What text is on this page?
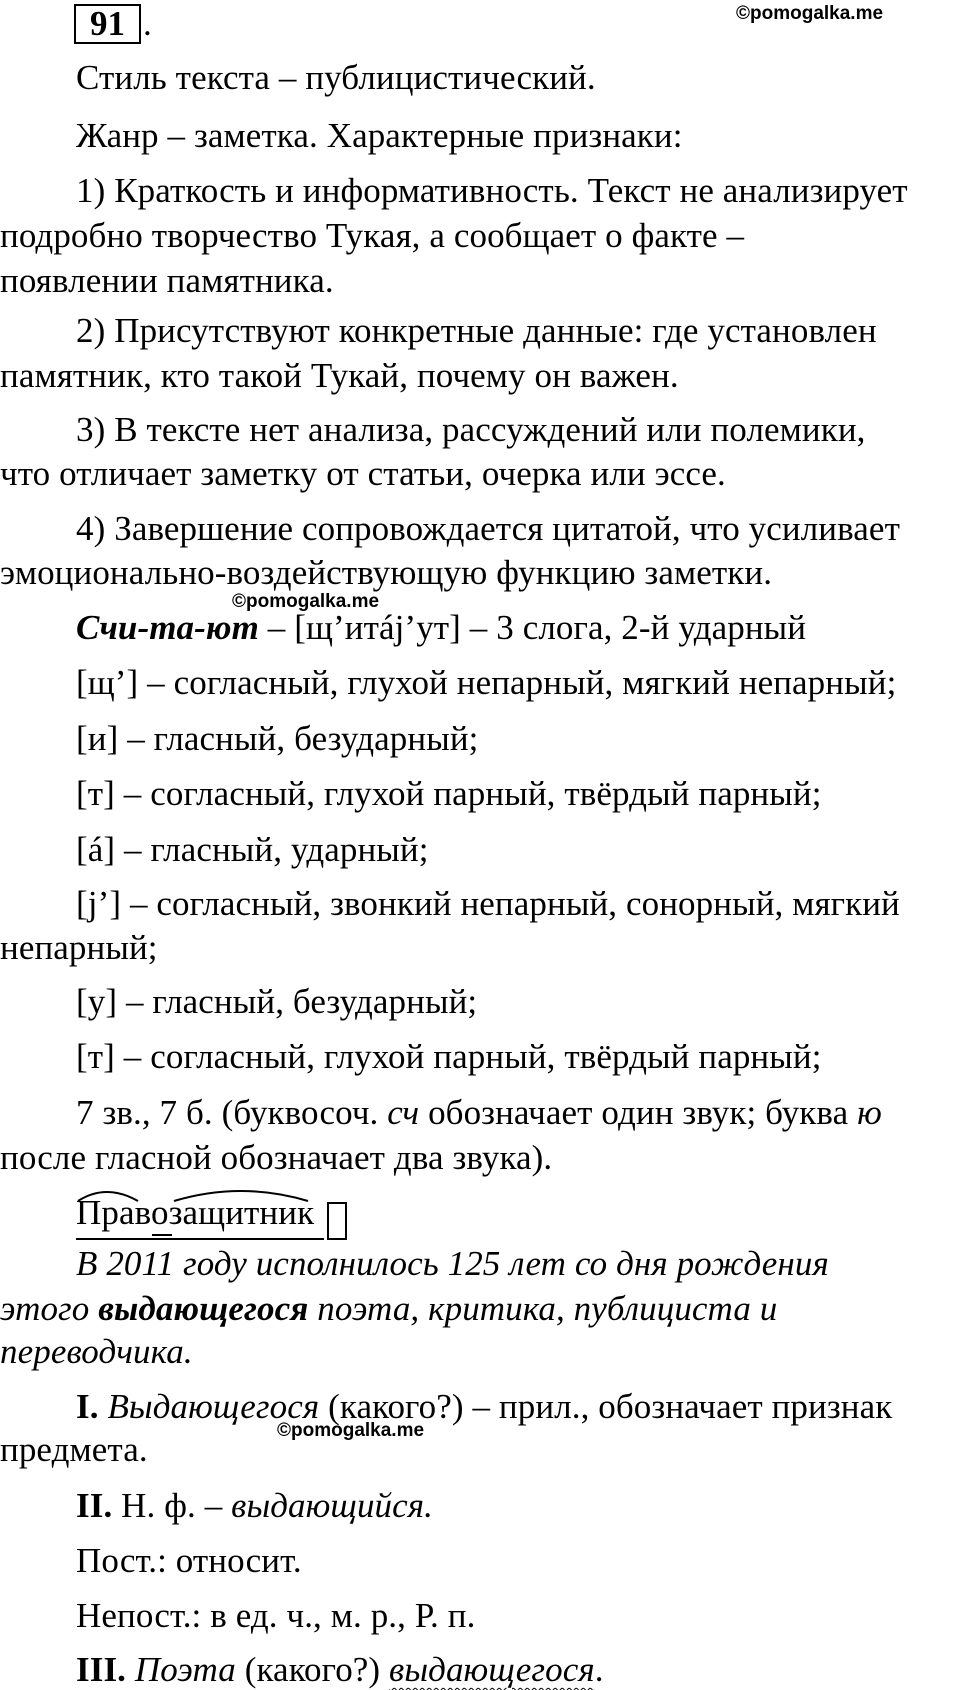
91 .	©pomogalka.me
Стиль текста – публицистический.
Жанр – заметка. Характерные признаки:
1) Краткость и информативность. Текст не анализирует
подробно творчество Тукая, а сообщает о факте –
появлении памятника.
2) Присутствуют конкретные данные: где установлен
памятник, кто такой Тукай, почему он важен.
3) В тексте нет анализа, рассуждений или полемики,
что отличает заметку от статьи, очерка или эссе.
4) Завершение сопровождается цитатой, что усиливает
эмоционально-воздействующую функцию заметки.
©pomogalka.me
Счи-та-ют – [щ’итáj’ут] – 3 слога, 2-й ударный
[щ’] – согласный, глухой непарный, мягкий непарный;
[и] – гласный, безударный;
[т] – согласный, глухой парный, твёрдый парный;
[á] – гласный, ударный;
[j’] – согласный, звонкий непарный, сонорный, мягкий
непарный;
[у] – гласный, безударный;
[т] – согласный, глухой парный, твёрдый парный;
7 зв., 7 б. (буквосоч. сч обозначает один звук; буква ю
после гласной обозначает два звука).
Правозащитник
В 2011 году исполнилось 125 лет со дня рождения
этого выдающегося поэта, критика, публициста и
переводчика.
I. Выдающегося (какого?) – прил., обозначает признак
©pomogalka.me
предмета.
II. Н. ф. – выдающийся.
Пост.: относит.
Непост.: в ед. ч., м. р., Р. п.
III. Поэта (какого?) выдающегося.
